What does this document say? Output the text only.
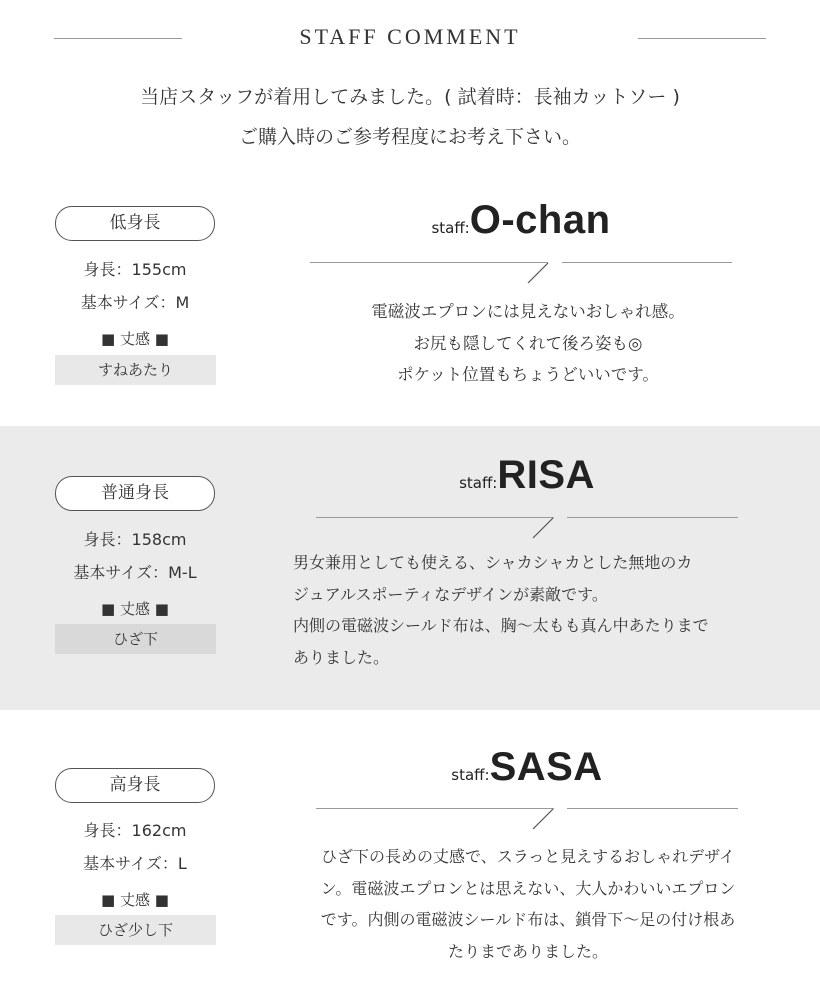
STAFF COMMENT
当店スタッフが着用してみました。( 試着時：長袖カットソー )
ご購入時のご参考程度にお考え下さい。
低身長
身長：155cm
基本サイズ：M
■ 丈感 ■
すねあたり
staff:O-chan
電磁波エプロンには見えないおしゃれ感。
お尻も隠してくれて後ろ姿も◎
ポケット位置もちょうどいいです。
普通身長
身長：158cm
基本サイズ：M-L
■ 丈感 ■
ひざ下
staff:RISA
男女兼用としても使える、シャカシャカとした無地のカ
ジュアルスポーティなデザインが素敵です。
内側の電磁波シールド布は、胸〜太もも真ん中あたりまで
ありました。
高身長
身長：162cm
基本サイズ：L
■ 丈感 ■
ひざ少し下
staff:SASA
ひざ下の長めの丈感で、スラっと見えするおしゃれデザイ
ン。電磁波エプロンとは思えない、大人かわいいエプロン
です。内側の電磁波シールド布は、鎖骨下〜足の付け根あ
たりまでありました。
